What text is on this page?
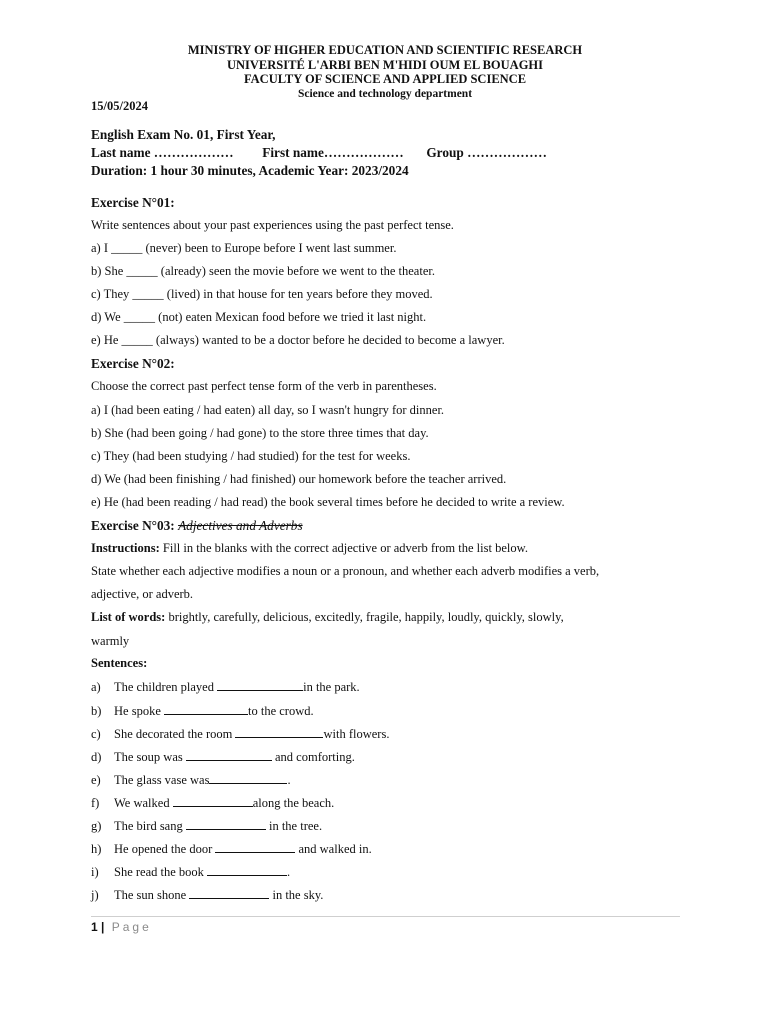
MINISTRY OF HIGHER EDUCATION AND SCIENTIFIC RESEARCH
UNIVERSITÉ L'ARBI BEN M'HIDI OUM EL BOUAGHI
FACULTY OF SCIENCE AND APPLIED SCIENCE
Science and technology department
15/05/2024
English Exam No. 01, First Year,
Last name ……………… First name……………… Group ………………
Duration: 1 hour 30 minutes, Academic Year: 2023/2024
Exercise N°01:
Write sentences about your past experiences using the past perfect tense.
a) I _____ (never) been to Europe before I went last summer.
b) She _____ (already) seen the movie before we went to the theater.
c) They _____ (lived) in that house for ten years before they moved.
d) We _____ (not) eaten Mexican food before we tried it last night.
e) He _____ (always) wanted to be a doctor before he decided to become a lawyer.
Exercise N°02:
Choose the correct past perfect tense form of the verb in parentheses.
a) I (had been eating / had eaten) all day, so I wasn't hungry for dinner.
b) She (had been going / had gone) to the store three times that day.
c) They (had been studying / had studied) for the test for weeks.
d) We (had been finishing / had finished) our homework before the teacher arrived.
e) He (had been reading / had read) the book several times before he decided to write a review.
Exercise N°03: Adjectives and Adverbs
Instructions: Fill in the blanks with the correct adjective or adverb from the list below.
State whether each adjective modifies a noun or a pronoun, and whether each adverb modifies a verb,
adjective, or adverb.
List of words: brightly, carefully, delicious, excitedly, fragile, happily, loudly, quickly, slowly,
warmly
Sentences:
a) The children played	in the park.
b) He spoke	to the crowd.
c) She decorated the room	with flowers.
d) The soup was	and comforting.
e) The glass vase was	.
f) We walked	along the beach.
g) The bird sang	in the tree.
h) He opened the door	and walked in.
i) She read the book	.
j) The sun shone	in the sky.
1 | Page
